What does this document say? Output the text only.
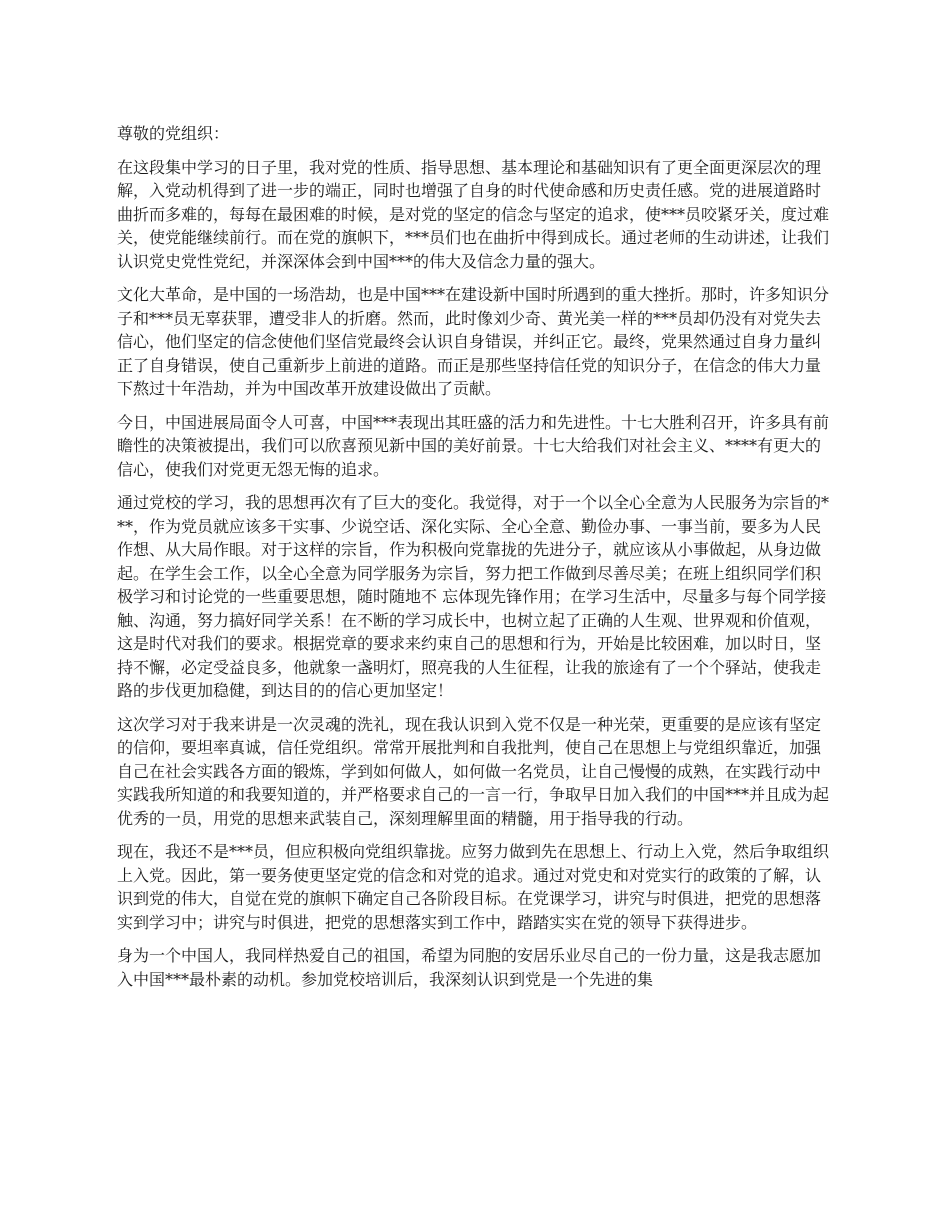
尊敬的党组织：

在这段集中学习的日子里，我对党的性质、指导思想、基本理论和基础知识有了更全面更深层次的理解，入党动机得到了进一步的端正，同时也增强了自身的时代使命感和历史责任感。党的进展道路时曲折而多难的，每每在最困难的时候，是对党的坚定的信念与坚定的追求，使***员咬紧牙关，度过难关，使党能继续前行。而在党的旗帜下，***员们也在曲折中得到成长。通过老师的生动讲述，让我们认识党史党性党纪，并深深体会到中国***的伟大及信念力量的强大。

文化大革命，是中国的一场浩劫，也是中国***在建设新中国时所遇到的重大挫折。那时，许多知识分子和***员无辜获罪，遭受非人的折磨。然而，此时像刘少奇、黄光美一样的***员却仍没有对党失去信心，他们坚定的信念使他们坚信党最终会认识自身错误，并纠正它。最终，党果然通过自身力量纠正了自身错误，使自己重新步上前进的道路。而正是那些坚持信任党的知识分子，在信念的伟大力量下熬过十年浩劫，并为中国改革开放建设做出了贡献。

今日，中国进展局面令人可喜，中国***表现出其旺盛的活力和先进性。十七大胜利召开，许多具有前瞻性的决策被提出，我们可以欣喜预见新中国的美好前景。十七大给我们对社会主义、****有更大的信心，使我们对党更无怨无悔的追求。

通过党校的学习，我的思想再次有了巨大的变化。我觉得，对于一个以全心全意为人民服务为宗旨的***，作为党员就应该多干实事、少说空话、深化实际、全心全意、勤俭办事、一事当前，要多为人民作想、从大局作眼。对于这样的宗旨，作为积极向党靠拢的先进分子，就应该从小事做起，从身边做起。在学生会工作，以全心全意为同学服务为宗旨，努力把工作做到尽善尽美；在班上组织同学们积极学习和讨论党的一些重要思想，随时随地不 忘体现先锋作用；在学习生活中，尽量多与每个同学接触、沟通，努力搞好同学关系！在不断的学习成长中，也树立起了正确的人生观、世界观和价值观，这是时代对我们的要求。根据党章的要求来约束自己的思想和行为，开始是比较困难，加以时日，坚持不懈，必定受益良多，他就象一盏明灯，照亮我的人生征程，让我的旅途有了一个个驿站，使我走路的步伐更加稳健，到达目的的信心更加坚定！

这次学习对于我来讲是一次灵魂的洗礼，现在我认识到入党不仅是一种光荣，更重要的是应该有坚定的信仰，要坦率真诚，信任党组织。常常开展批判和自我批判，使自己在思想上与党组织靠近，加强自己在社会实践各方面的锻炼，学到如何做人，如何做一名党员，让自己慢慢的成熟，在实践行动中实践我所知道的和我要知道的，并严格要求自己的一言一行，争取早日加入我们的中国***并且成为起优秀的一员，用党的思想来武装自己，深刻理解里面的精髓，用于指导我的行动。

现在，我还不是***员，但应积极向党组织靠拢。应努力做到先在思想上、行动上入党，然后争取组织上入党。因此，第一要务使更坚定党的信念和对党的追求。通过对党史和对党实行的政策的了解，认识到党的伟大，自觉在党的旗帜下确定自己各阶段目标。在党课学习，讲究与时俱进，把党的思想落实到学习中；讲究与时俱进，把党的思想落实到工作中，踏踏实实在党的领导下获得进步。

身为一个中国人，我同样热爱自己的祖国，希望为同胞的安居乐业尽自己的一份力量，这是我志愿加入中国***最朴素的动机。参加党校培训后，我深刻认识到党是一个先进的集
